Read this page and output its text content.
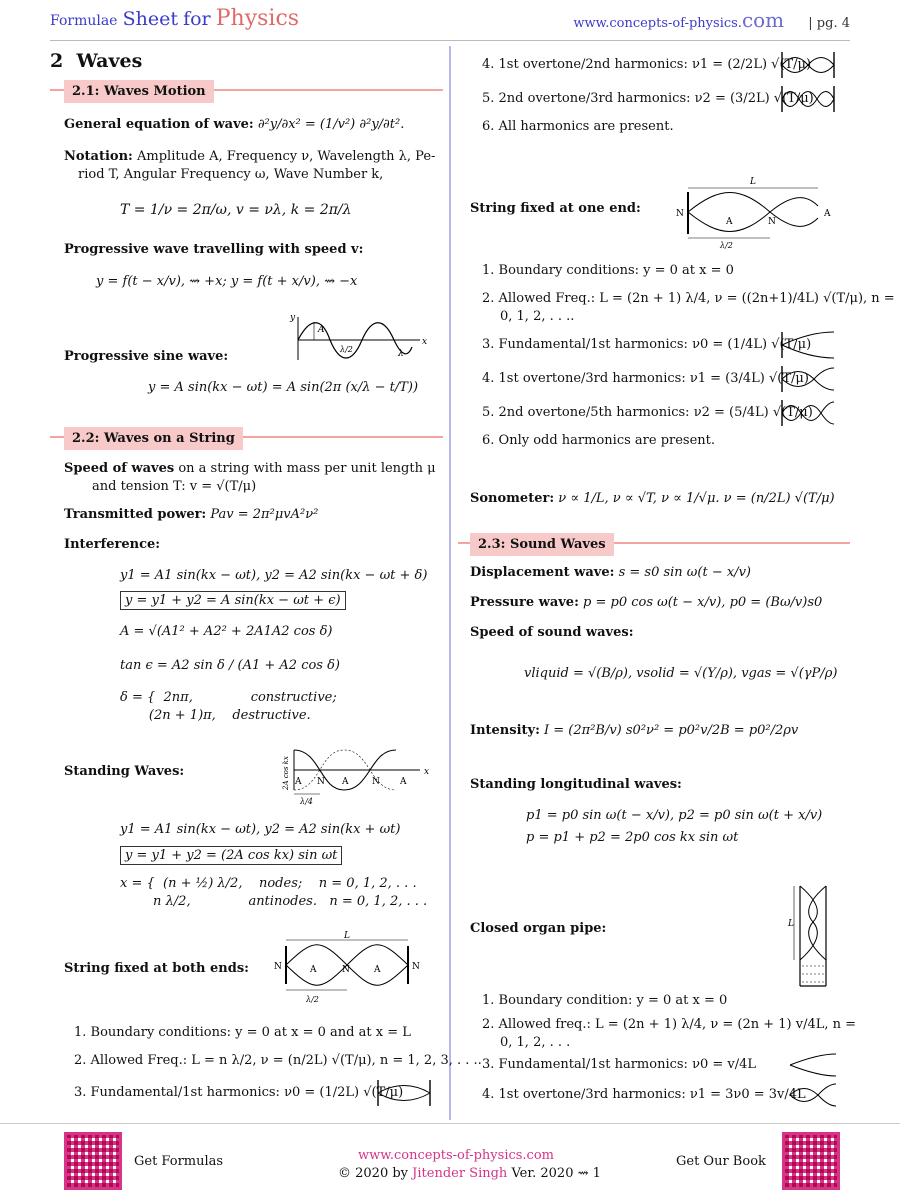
Formulae Sheet for Physics	www.concepts-of-physics.com | pg. 4
2 Waves
2.1: Waves Motion
General equation of wave: ∂²y/∂x² = (1/v²) ∂²y/∂t².
Notation: Amplitude A, Frequency ν, Wavelength λ, Pe-
riod T, Angular Frequency ω, Wave Number k,
T = 1/ν = 2π/ω, v = νλ, k = 2π/λ
Progressive wave travelling with speed v:
y = f(t − x/v), ⇝ +x; y = f(t + x/v), ⇝ −x
y
x
A
λ/2	λ
Progressive sine wave:
y = A sin(kx − ωt) = A sin(2π (x/λ − t/T))
2.2: Waves on a String
Speed of waves on a string with mass per unit length μ
and tension T: v = √(T/μ)
Transmitted power: Pav = 2π²μvA²ν²
Interference:
y1 = A1 sin(kx − ωt), y2 = A2 sin(kx − ωt + δ)
y = y1 + y2 = A sin(kx − ωt + ϵ)
A = √(A1² + A2² + 2A1A2 cos δ)
tan ϵ = A2 sin δ / (A1 + A2 cos δ)
δ = {  2nπ,              constructive;
(2n + 1)π,    destructive.
2A cos kx	x
A N A	N A
λ/4
Standing Waves:
y1 = A1 sin(kx − ωt), y2 = A2 sin(kx + ωt)
y = y1 + y2 = (2A cos kx) sin ωt
x = {  (n + ½) λ/2,    nodes;    n = 0, 1, 2, . . .
n λ/2,              antinodes.   n = 0, 1, 2, . . .
L
N	A	N	A	N
λ/2
String fixed at both ends:
1. Boundary conditions: y = 0 at x = 0 and at x = L
2. Allowed Freq.: L = n λ/2, ν = (n/2L) √(T/μ), n = 1, 2, 3, . . ..
3. Fundamental/1st harmonics: ν0 = (1/2L) √(T/μ)
4. 1st overtone/2nd harmonics: ν1 = (2/2L) √(T/μ)
5. 2nd overtone/3rd harmonics: ν2 = (3/2L) √(T/μ)
6. All harmonics are present.
L
N
A	N
A
λ/2
String fixed at one end:
1. Boundary conditions: y = 0 at x = 0
2. Allowed Freq.: L = (2n + 1) λ/4, ν = ((2n+1)/4L) √(T/μ), n =
0, 1, 2, . . ..
3. Fundamental/1st harmonics: ν0 = (1/4L) √(T/μ)
4. 1st overtone/3rd harmonics: ν1 = (3/4L) √(T/μ)
5. 2nd overtone/5th harmonics: ν2 = (5/4L) √(T/μ)
6. Only odd harmonics are present.
Sonometer: ν ∝ 1/L, ν ∝ √T, ν ∝ 1/√μ. ν = (n/2L) √(T/μ)
2.3: Sound Waves
Displacement wave: s = s0 sin ω(t − x/v)
Pressure wave: p = p0 cos ω(t − x/v), p0 = (Bω/v)s0
Speed of sound waves:
vliquid = √(B/ρ), vsolid = √(Y/ρ), vgas = √(γP/ρ)
Intensity: I = (2π²B/v) s0²ν² = p0²v/2B = p0²/2ρv
Standing longitudinal waves:
p1 = p0 sin ω(t − x/v), p2 = p0 sin ω(t + x/v)
p = p1 + p2 = 2p0 cos kx sin ωt
L
Closed organ pipe:
1. Boundary condition: y = 0 at x = 0
2. Allowed freq.: L = (2n + 1) λ/4, ν = (2n + 1) v/4L, n =
0, 1, 2, . . .
3. Fundamental/1st harmonics: ν0 = v/4L
4. 1st overtone/3rd harmonics: ν1 = 3ν0 = 3v/4L
Get Formulas	www.concepts-of-physics.com
© 2020 by Jitender Singh Ver. 2020 ⇝ 1
Get Our Book
